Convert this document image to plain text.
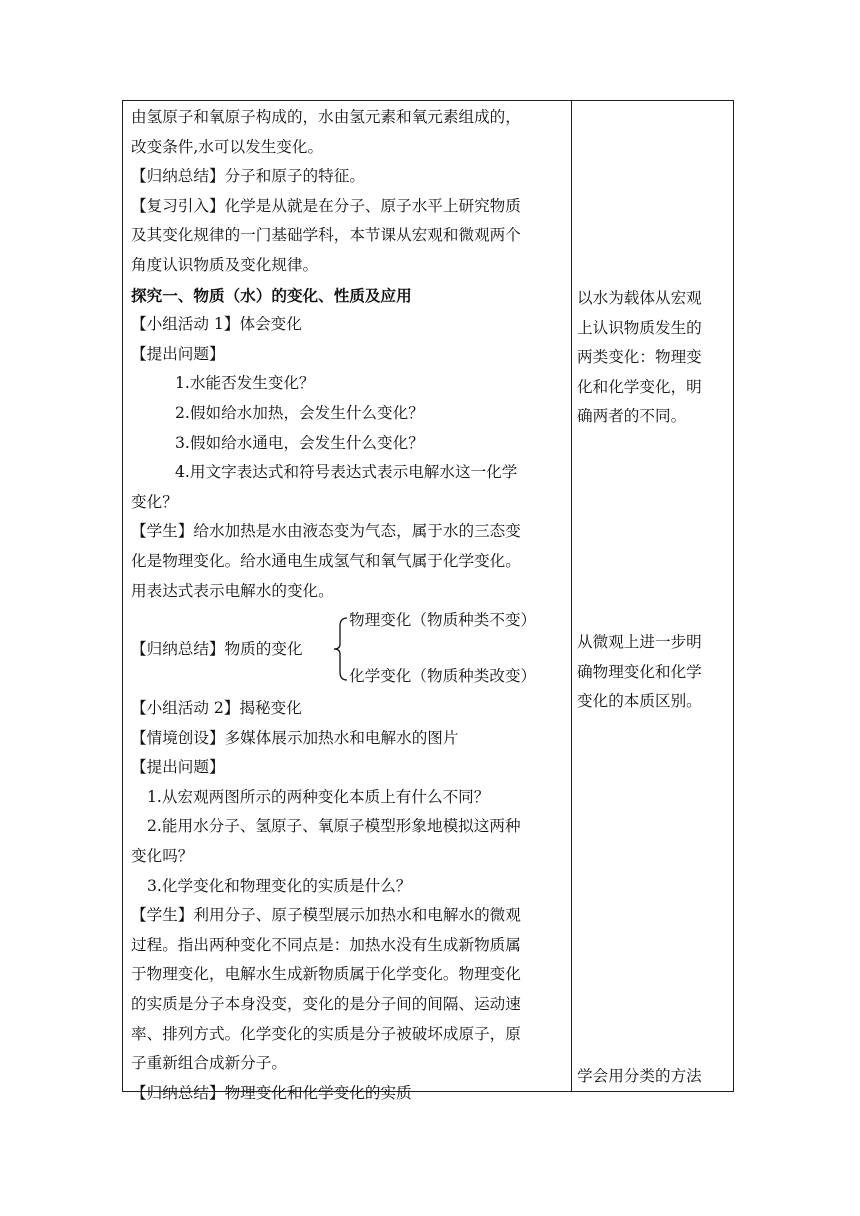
由氢原子和氧原子构成的，水由氢元素和氧元素组成的，
改变条件,水可以发生变化。
【归纳总结】分子和原子的特征。
【复习引入】化学是从就是在分子、原子水平上研究物质
及其变化规律的一门基础学科，本节课从宏观和微观两个
角度认识物质及变化规律。
探究一、物质（水）的变化、性质及应用
【小组活动 1】体会变化
【提出问题】
1.水能否发生变化？
2.假如给水加热，会发生什么变化？
3.假如给水通电，会发生什么变化？
4.用文字表达式和符号表达式表示电解水这一化学
变化？
【学生】给水加热是水由液态变为气态，属于水的三态变
化是物理变化。给水通电生成氢气和氧气属于化学变化。
用表达式表示电解水的变化。
【归纳总结】物质的变化
物理变化（物质种类不变）
化学变化（物质种类改变）
【小组活动 2】揭秘变化
【情境创设】多媒体展示加热水和电解水的图片
【提出问题】
1.从宏观两图所示的两种变化本质上有什么不同？
2.能用水分子、氢原子、氧原子模型形象地模拟这两种
变化吗？
3.化学变化和物理变化的实质是什么？
【学生】利用分子、原子模型展示加热水和电解水的微观
过程。指出两种变化不同点是：加热水没有生成新物质属
于物理变化，电解水生成新物质属于化学变化。物理变化
的实质是分子本身没变，变化的是分子间的间隔、运动速
率、排列方式。化学变化的实质是分子被破坏成原子，原
子重新组合成新分子。
【归纳总结】物理变化和化学变化的实质
以水为载体从宏观
上认识物质发生的
两类变化：物理变
化和化学变化，明
确两者的不同。
从微观上进一步明
确物理变化和化学
变化的本质区别。
学会用分类的方法
